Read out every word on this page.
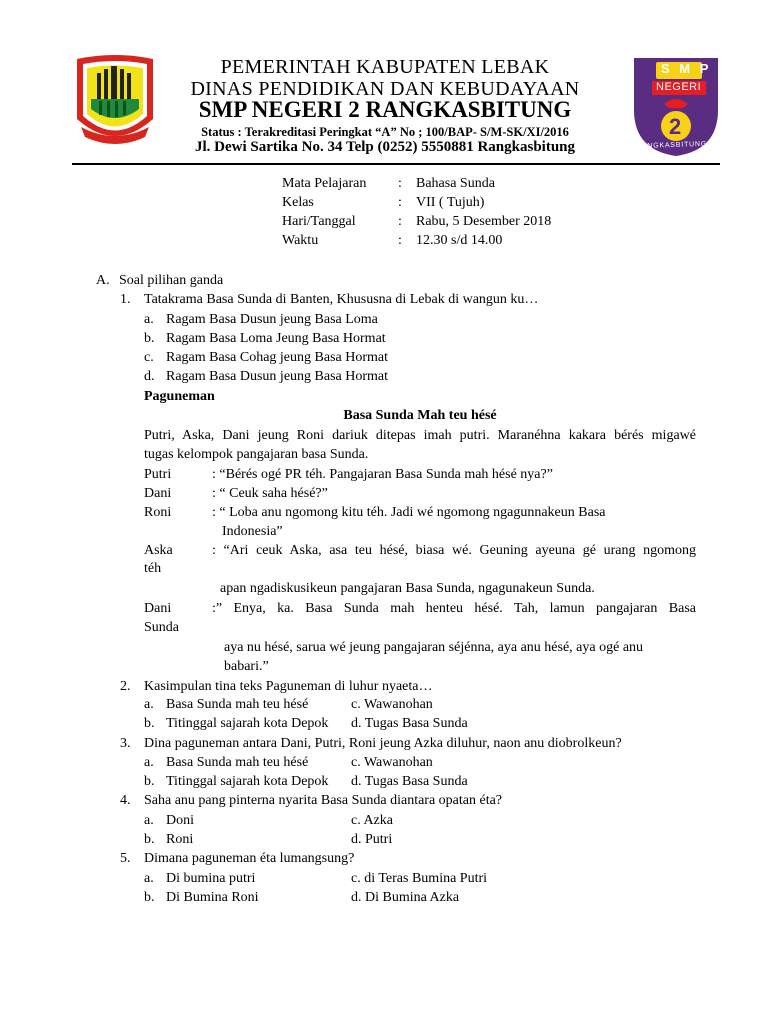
S M P
NEGERI
2
RANGKASBITUNG
PEMERINTAH KABUPATEN LEBAK
DINAS PENDIDIKAN DAN KEBUDAYAAN
SMP NEGERI 2 RANGKASBITUNG
Status : Terakreditasi Peringkat “A” No ; 100/BAP- S/M-SK/XI/2016
Jl. Dewi Sartika No. 34 Telp (0252) 5550881 Rangkasbitung
Mata Pelajaran : Bahasa Sunda
Kelas	: VII ( Tujuh)
Hari/Tanggal	: Rabu, 5 Desember 2018
Waktu	: 12.30 s/d 14.00
A. Soal pilihan ganda
1. Tatakrama Basa Sunda di Banten, Khususna di Lebak di wangun ku…
a. Ragam Basa Dusun jeung Basa Loma
b. Ragam Basa Loma Jeung Basa Hormat
c. Ragam Basa Cohag jeung Basa Hormat
d. Ragam Basa Dusun jeung Basa Hormat
Paguneman
Basa Sunda Mah teu hésé
Putri, Aska, Dani jeung Roni dariuk ditepas imah putri. Maranéhna kakara bérés migawé
tugas kelompok pangajaran basa Sunda.
Putri	: “Bérés ogé PR téh. Pangajaran Basa Sunda mah hésé nya?”
Dani	: “ Ceuk saha hésé?”
Roni	: “ Loba anu ngomong kitu téh. Jadi wé ngomong ngagunnakeun Basa
Indonesia”
Aska	: “Ari ceuk Aska, asa teu hésé, biasa wé. Geuning ayeuna gé urang ngomong
téh
apan ngadiskusikeun pangajaran Basa Sunda, ngagunakeun Sunda.
Dani	:” Enya, ka. Basa Sunda mah henteu hésé. Tah, lamun pangajaran Basa
Sunda
aya nu hésé, sarua wé jeung pangajaran séjénna, aya anu hésé, aya ogé anu
babari.”
2. Kasimpulan tina teks Paguneman di luhur nyaeta…
a. Basa Sunda mah teu hésé	c. Wawanohan
b. Titinggal sajarah kota Depok d. Tugas Basa Sunda
3. Dina paguneman antara Dani, Putri, Roni jeung Azka diluhur, naon anu diobrolkeun?
a. Basa Sunda mah teu hésé	c. Wawanohan
b. Titinggal sajarah kota Depok d. Tugas Basa Sunda
4. Saha anu pang pinterna nyarita Basa Sunda diantara opatan éta?
a. Doni	c. Azka
b. Roni	d. Putri
5. Dimana paguneman éta lumangsung?
a. Di bumina putri	c. di Teras Bumina Putri
b. Di Bumina Roni	d. Di Bumina Azka
